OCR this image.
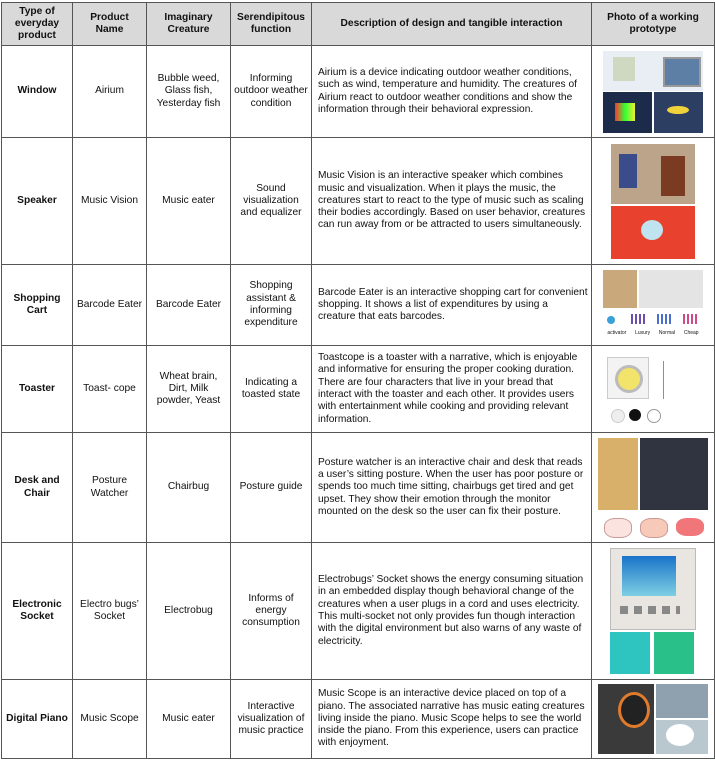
Type of everyday product	Product Name	Imaginary Creature	Serendipitous function	Description of design and tangible interaction	Photo of a working prototype
Window	Airium	Bubble weed, Glass fish, Yesterday fish	Informing outdoor weather condition	Airium is a device indicating outdoor weather conditions, such as wind, temperature and humidity. The creatures of Airium react to outdoor weather conditions and show the information through their behavioral expression.	

Speaker	Music Vision	Music eater	Sound visualization and equalizer	Music Vision is an interactive speaker which combines music and visualization. When it plays the music, the creatures start to react to the type of music such as scaling their bodies accordingly. Based on user behavior, creatures can run away from or be attracted to users simultaneously.	

Shopping Cart	Barcode Eater	Barcode Eater	Shopping assistant & informing expenditure	Barcode Eater is an interactive shopping cart for convenient shopping. It shows a list of expenditures by using a creature that eats barcodes.	activator Luxury Normal Cheap

Toaster	Toast- cope	Wheat brain, Dirt, Milk powder, Yeast	Indicating a toasted state	Toastcope is a toaster with a narrative, which is enjoyable and informative for ensuring the proper cooking duration. There are four characters that live in your bread that interact with the toaster and each other. It provides users with entertainment while cooking and providing relevant information.	

Desk and Chair	Posture Watcher	Chairbug	Posture guide	Posture watcher is an interactive chair and desk that reads a user’s sitting posture. When the user has poor posture or spends too much time sitting, chairbugs get tired and get upset. They show their emotion through the monitor mounted on the desk so the user can fix their posture.	

Electronic Socket	Electro bugs’ Socket	Electrobug	Informs of energy consumption	Electrobugs’ Socket shows the energy consuming situation in an embedded display though behavioral change of the creatures when a user plugs in a cord and uses electricity. This multi-socket not only provides fun though interaction with the digital environment but also warns of any waste of electricity.	

Digital Piano	Music Scope	Music eater	Interactive visualization of music practice	Music Scope is an interactive device placed on top of a piano. The associated narrative has music eating creatures living inside the piano. Music Scope helps to see the world inside the piano. From this experience, users can practice with enjoyment.	
